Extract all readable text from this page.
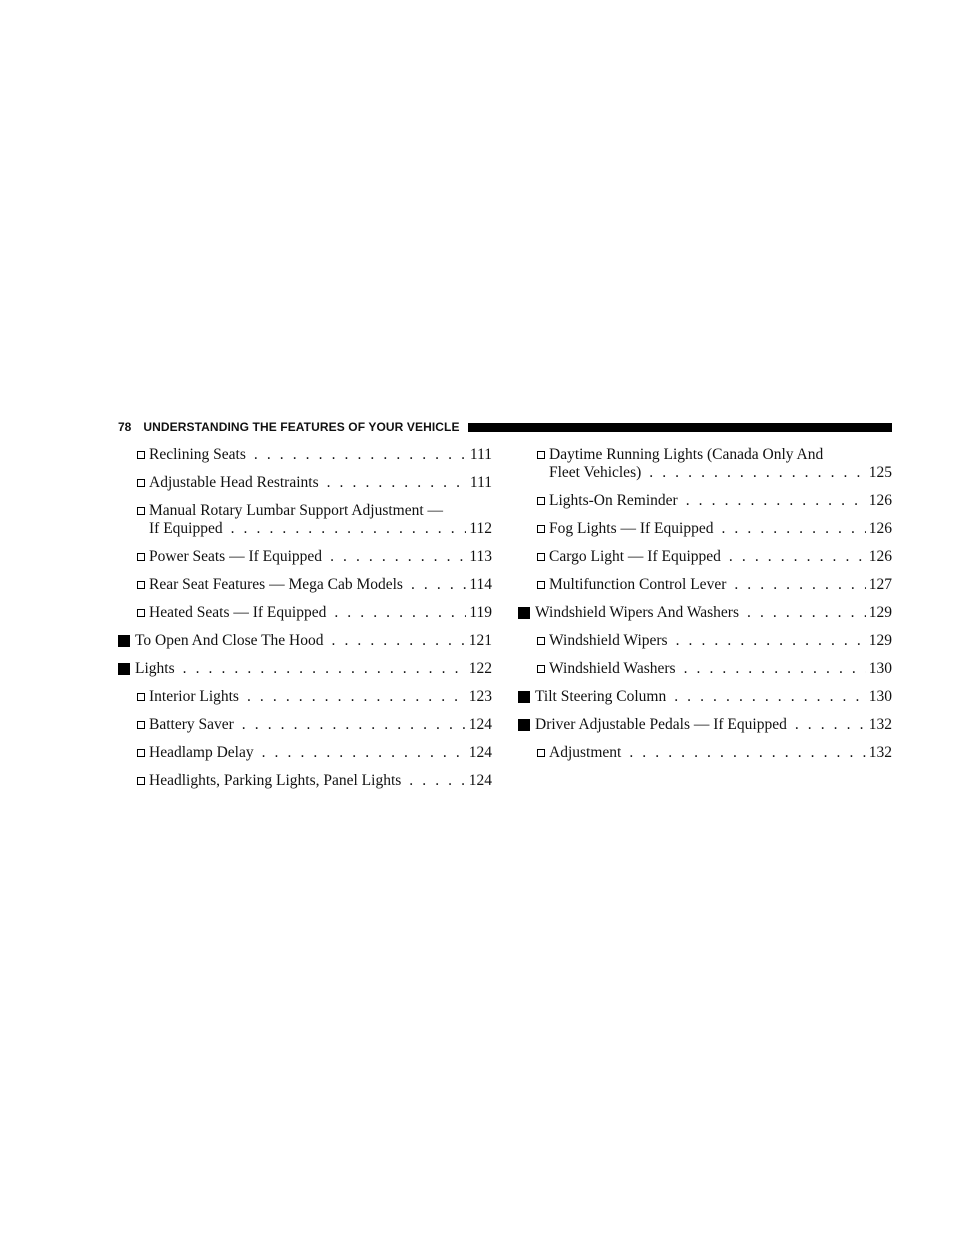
78 UNDERSTANDING THE FEATURES OF YOUR VEHICLE
Reclining Seats . . .	111
Adjustable Head Restraints . . .	111
Manual Rotary Lumbar Support Adjustment —
If Equipped . . .	112
Power Seats — If Equipped . . .	113
Rear Seat Features — Mega Cab Models . . .	114
Heated Seats — If Equipped . . .	119
To Open And Close The Hood . . .	121
Lights . . .	122
Interior Lights . . .	123
Battery Saver . . .	124
Headlamp Delay . . .	124
Headlights, Parking Lights, Panel Lights . . .	124
Daytime Running Lights (Canada Only And
Fleet Vehicles) . . .	125
Lights-On Reminder . . .	126
Fog Lights — If Equipped . . .	126
Cargo Light — If Equipped . . .	126
Multifunction Control Lever . . .	127
Windshield Wipers And Washers . . .	129
Windshield Wipers . . .	129
Windshield Washers . . .	130
Tilt Steering Column . . .	130
Driver Adjustable Pedals — If Equipped . . .	132
Adjustment . . .	132
